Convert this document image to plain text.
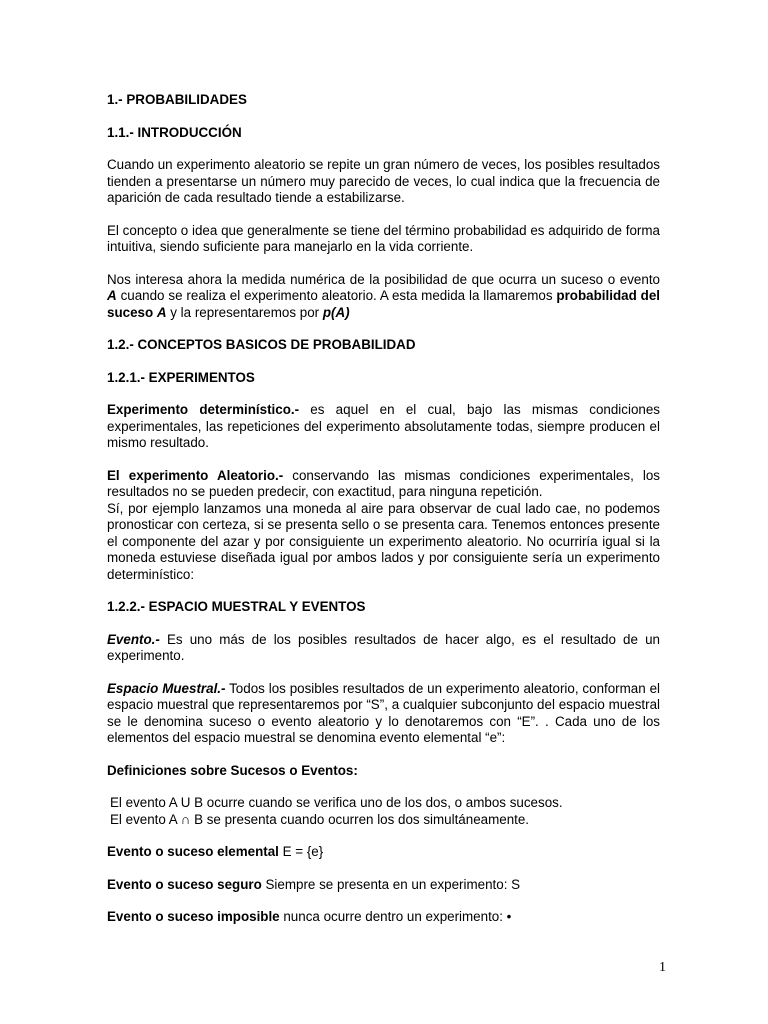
1.- PROBABILIDADES

1.1.- INTRODUCCIÓN

Cuando un experimento aleatorio se repite un gran número de veces, los posibles resultados tienden a presentarse un número muy parecido de veces, lo cual indica que la frecuencia de aparición de cada resultado tiende a estabilizarse.

El concepto o idea que generalmente se tiene del término probabilidad es adquirido de forma intuitiva, siendo suficiente para manejarlo en la vida corriente.

Nos interesa ahora la medida numérica de la posibilidad de que ocurra un suceso o evento A cuando se realiza el experimento aleatorio. A esta medida la llamaremos probabilidad del suceso A y la representaremos por p(A)

1.2.- CONCEPTOS BASICOS DE PROBABILIDAD

1.2.1.- EXPERIMENTOS

Experimento determinístico.- es aquel en el cual, bajo las mismas condiciones experimentales, las repeticiones del experimento absolutamente todas, siempre producen el mismo resultado.

El experimento Aleatorio.- conservando las mismas condiciones experimentales, los resultados no se pueden predecir, con exactitud, para ninguna repetición.
Sí, por ejemplo lanzamos una moneda al aire para observar de cual lado cae, no podemos pronosticar con certeza, si se presenta sello o se presenta cara. Tenemos entonces presente el componente del azar y por consiguiente un experimento aleatorio. No ocurriría igual si la moneda estuviese diseñada igual por ambos lados y por consiguiente sería un experimento determinístico:

1.2.2.- ESPACIO MUESTRAL Y EVENTOS

Evento.- Es uno más de los posibles resultados de hacer algo, es el resultado de un experimento.

Espacio Muestral.- Todos los posibles resultados de un experimento aleatorio, conforman el espacio muestral que representaremos por “S”, a cualquier subconjunto del espacio muestral se le denomina suceso o evento aleatorio y lo denotaremos con “E”. . Cada uno de los elementos del espacio muestral se denomina evento elemental “e”:

Definiciones sobre Sucesos o Eventos:

El evento A U B ocurre cuando se verifica uno de los dos, o ambos sucesos.
El evento A ∩ B se presenta cuando ocurren los dos simultáneamente.

Evento o suceso elemental E = {e}

Evento o suceso seguro Siempre se presenta en un experimento: S

Evento o suceso imposible nunca ocurre dentro un experimento: •

1
